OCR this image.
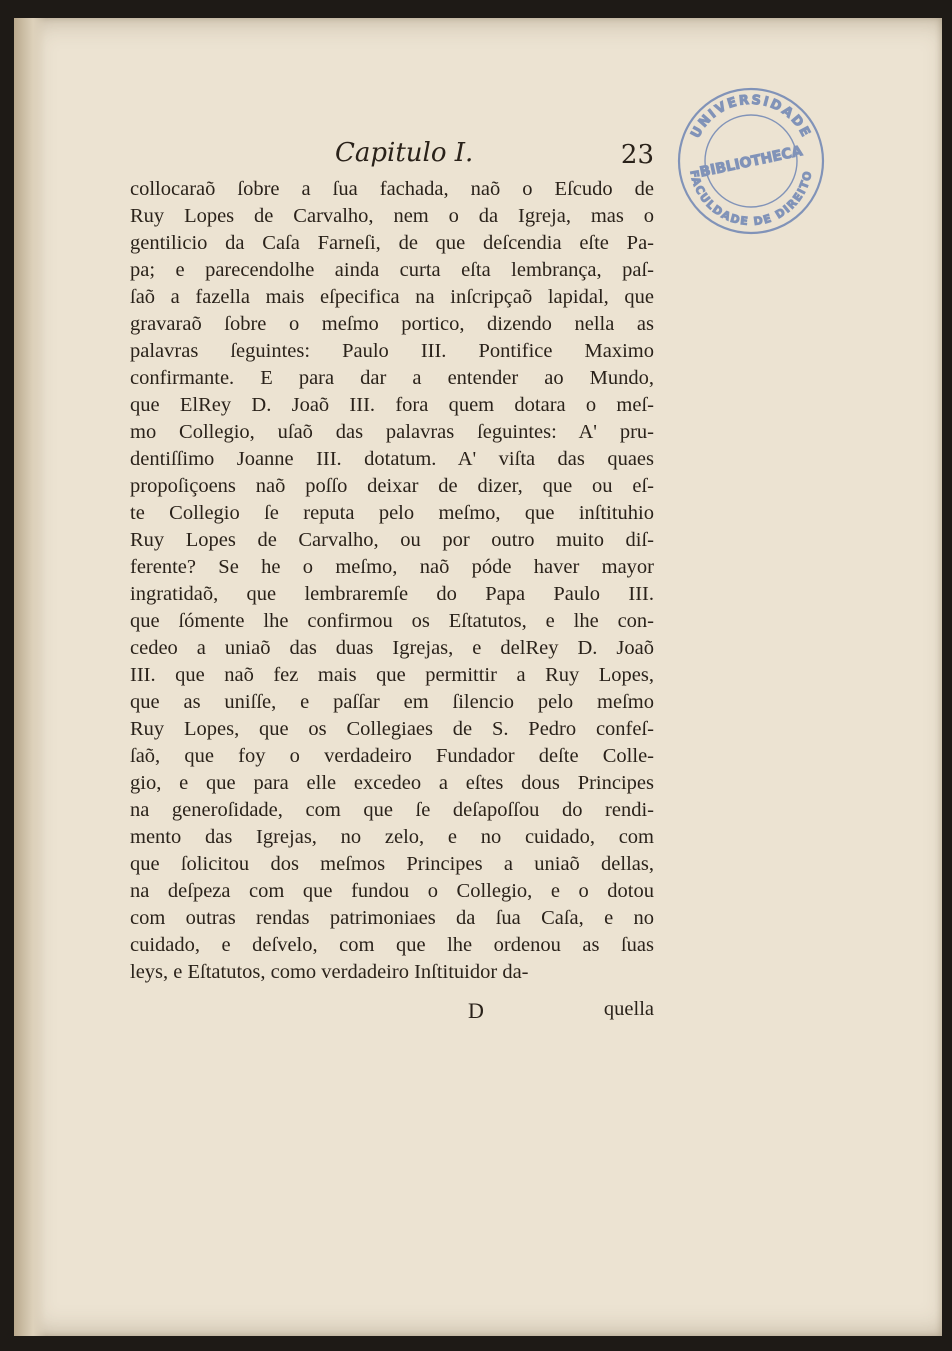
Capitulo I.	23
collocaraõ ſobre a ſua fachada, naõ o Eſcudo de
Ruy Lopes de Carvalho, nem o da Igreja, mas o
gentilicio da Caſa Farneſi, de que deſcendia eſte Pa-
pa; e parecendolhe ainda curta eſta lembrança, paſ-
ſaõ a fazella mais eſpecifica na inſcripçaõ lapidal, que
gravaraõ ſobre o meſmo portico, dizendo nella as
palavras ſeguintes: Paulo III. Pontifice Maximo
confirmante. E para dar a entender ao Mundo,
que ElRey D. Joaõ III. fora quem dotara o meſ-
mo Collegio, uſaõ das palavras ſeguintes: A' pru-
dentiſſimo Joanne III. dotatum. A' viſta das quaes
propoſiçoens naõ poſſo deixar de dizer, que ou eſ-
te Collegio ſe reputa pelo meſmo, que inſtituhio
Ruy Lopes de Carvalho, ou por outro muito diſ-
ferente? Se he o meſmo, naõ póde haver mayor
ingratidaõ, que lembraremſe do Papa Paulo III.
que ſómente lhe confirmou os Eſtatutos, e lhe con-
cedeo a uniaõ das duas Igrejas, e delRey D. Joaõ
III. que naõ fez mais que permittir a Ruy Lopes,
que as uniſſe, e paſſar em ſilencio pelo meſmo
Ruy Lopes, que os Collegiaes de S. Pedro confeſ-
ſaõ, que foy o verdadeiro Fundador deſte Colle-
gio, e que para elle excedeo a eſtes dous Principes
na generoſidade, com que ſe deſapoſſou do rendi-
mento das Igrejas, no zelo, e no cuidado, com
que ſolicitou dos meſmos Principes a uniaõ dellas,
na deſpeza com que fundou o Collegio, e o dotou
com outras rendas patrimoniaes da ſua Caſa, e no
cuidado, e deſvelo, com que lhe ordenou as ſuas
leys, e Eſtatutos, como verdadeiro Inſtituidor da-
D	quella
UNIVERSIDADE
FACULDADE DE DIREITO
BIBLIOTHECA
